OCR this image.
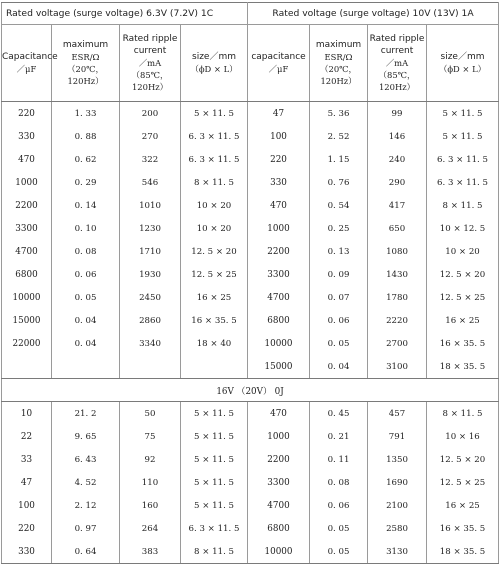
Rated voltage (surge voltage) 6.3V (7.2V) 1C				Rated voltage (surge voltage) 10V (13V) 1A			

Capacitance
／μF	maximum
ESR/Ω
（20℃，120Hz）	Rated ripple current
／mA
（85℃，120Hz）	size／mm
（ϕD × L）	capacitance
／μF	maximum
ESR/Ω
（20℃，120Hz）	Rated ripple current
／mA
（85℃，120Hz）	size／mm
（ϕD × L）

220	1. 33	200	5 × 11. 5	47	5. 36	99	5 × 11. 5
330	0. 88	270	6. 3 × 11. 5	100	2. 52	146	5 × 11. 5
470	0. 62	322	6. 3 × 11. 5	220	1. 15	240	6. 3 × 11. 5
1000	0. 29	546	8 × 11. 5	330	0. 76	290	6. 3 × 11. 5
2200	0. 14	1010	10 × 20	470	0. 54	417	8 × 11. 5
3300	0. 10	1230	10 × 20	1000	0. 25	650	10 × 12. 5
4700	0. 08	1710	12. 5 × 20	2200	0. 13	1080	10 × 20
6800	0. 06	1930	12. 5 × 25	3300	0. 09	1430	12. 5 × 20
10000	0. 05	2450	16 × 25	4700	0. 07	1780	12. 5 × 25
15000	0. 04	2860	16 × 35. 5	6800	0. 06	2220	16 × 25
22000	0. 04	3340	18 × 40	10000	0. 05	2700	16 × 35. 5
				15000	0. 04	3100	18 × 35. 5
16V （20V） 0J							
10	21. 2	50	5 × 11. 5	470	0. 45	457	8 × 11. 5
22	9. 65	75	5 × 11. 5	1000	0. 21	791	10 × 16
33	6. 43	92	5 × 11. 5	2200	0. 11	1350	12. 5 × 20
47	4. 52	110	5 × 11. 5	3300	0. 08	1690	12. 5 × 25
100	2. 12	160	5 × 11. 5	4700	0. 06	2100	16 × 25
220	0. 97	264	6. 3 × 11. 5	6800	0. 05	2580	16 × 35. 5
330	0. 64	383	8 × 11. 5	10000	0. 05	3130	18 × 35. 5
